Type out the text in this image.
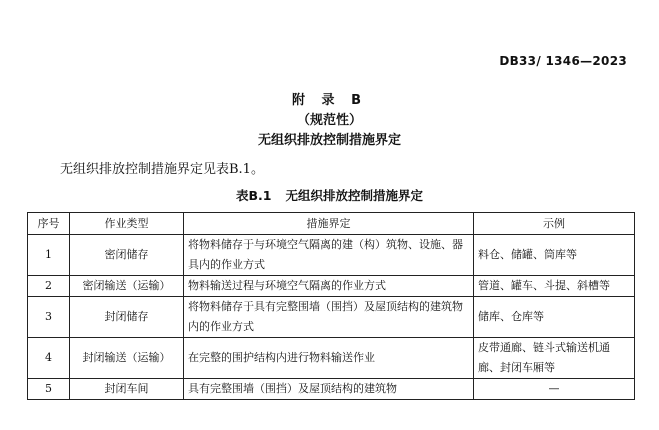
DB33/ 1346—2023
附 录 B
（规范性）
无组织排放控制措施界定
无组织排放控制措施界定见表B.1。
表B.1 无组织排放控制措施界定
序号	作业类型	措施界定	示例
1	密闭储存	将物料储存于与环境空气隔离的建（构）筑物、设施、器具内的作业方式	料仓、储罐、筒库等
2	密闭输送（运输）	物料输送过程与环境空气隔离的作业方式	管道、罐车、斗提、斜槽等
3	封闭储存	将物料储存于具有完整围墙（围挡）及屋顶结构的建筑物内的作业方式	储库、仓库等
4	封闭输送（运输）	在完整的围护结构内进行物料输送作业	皮带通廊、链斗式输送机通廊、封闭车厢等
5	封闭车间	具有完整围墙（围挡）及屋顶结构的建筑物	—
